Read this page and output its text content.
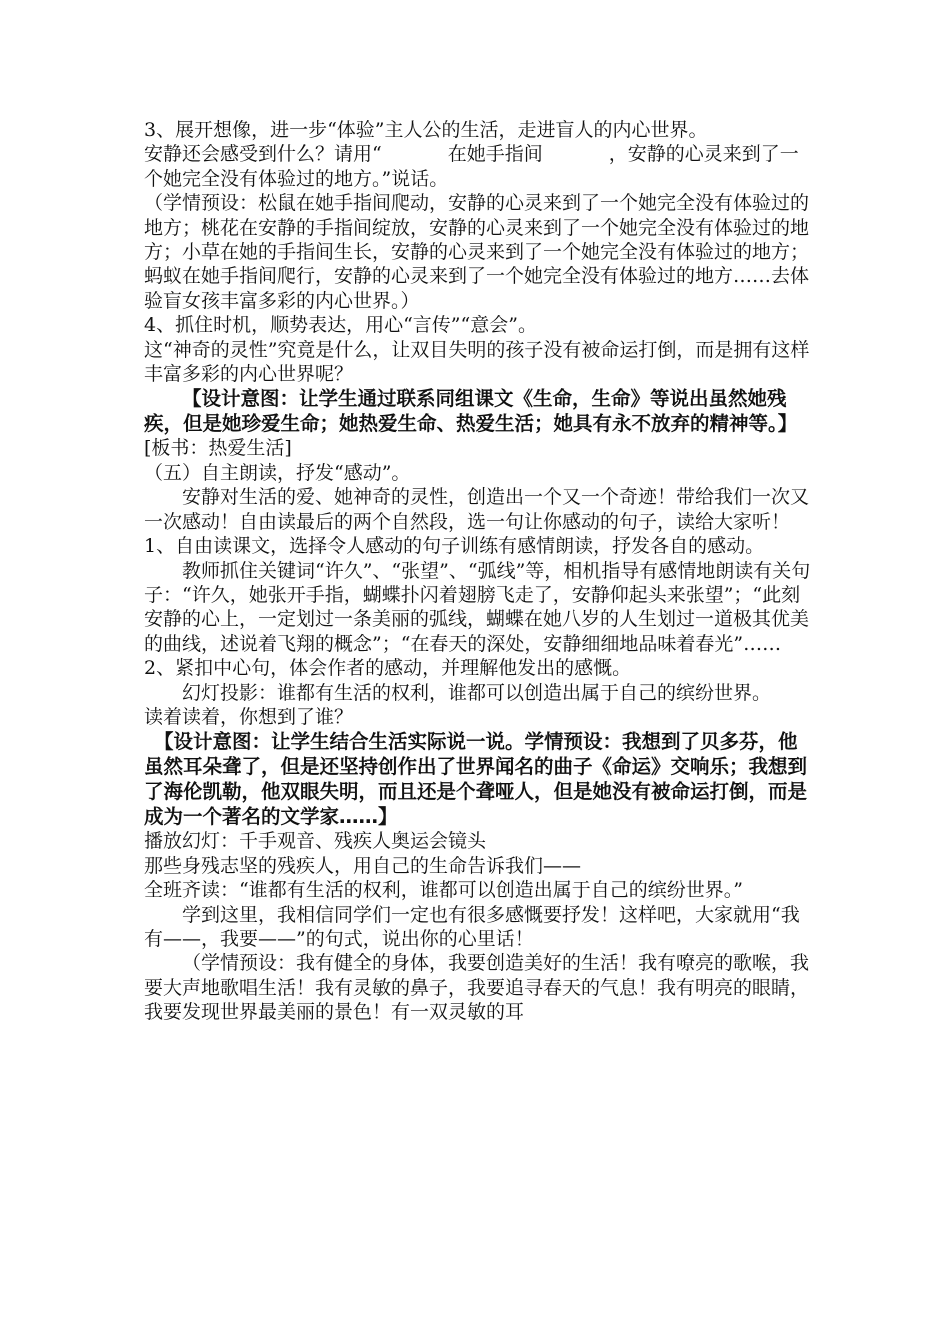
3、展开想像，进一步“体验”主人公的生活，走进盲人的内心世界。

安静还会感受到什么？请用“	在她手指间	，安静的心灵来到了一个她完全没有体验过的地方。”说话。

（学情预设：松鼠在她手指间爬动，安静的心灵来到了一个她完全没有体验过的地方；桃花在安静的手指间绽放，安静的心灵来到了一个她完全没有体验过的地方；小草在她的手指间生长，安静的心灵来到了一个她完全没有体验过的地方；蚂蚁在她手指间爬行，安静的心灵来到了一个她完全没有体验过的地方……去体验盲女孩丰富多彩的内心世界。）

4、抓住时机，顺势表达，用心“言传”“意会”。

这“神奇的灵性”究竟是什么，让双目失明的孩子没有被命运打倒，而是拥有这样丰富多彩的内心世界呢？

【设计意图：让学生通过联系同组课文《生命，生命》等说出虽然她残疾，但是她珍爱生命；她热爱生命、热爱生活；她具有永不放弃的精神等。】

[板书：热爱生活]

（五）自主朗读，抒发“感动”。

安静对生活的爱、她神奇的灵性，创造出一个又一个奇迹！带给我们一次又一次感动！自由读最后的两个自然段，选一句让你感动的句子，读给大家听！

1、自由读课文，选择令人感动的句子训练有感情朗读，抒发各自的感动。

教师抓住关键词“许久”、“张望”、“弧线”等，相机指导有感情地朗读有关句子：“许久，她张开手指，蝴蝶扑闪着翅膀飞走了，安静仰起头来张望”；“此刻安静的心上，一定划过一条美丽的弧线，蝴蝶在她八岁的人生划过一道极其优美的曲线，述说着飞翔的概念”；“在春天的深处，安静细细地品味着春光”……

2、紧扣中心句，体会作者的感动，并理解他发出的感慨。

幻灯投影：谁都有生活的权利，谁都可以创造出属于自己的缤纷世界。

读着读着，你想到了谁？

【设计意图：让学生结合生活实际说一说。学情预设：我想到了贝多芬，他虽然耳朵聋了，但是还坚持创作出了世界闻名的曲子《命运》交响乐；我想到了海伦凯勒，他双眼失明，而且还是个聋哑人，但是她没有被命运打倒，而是成为一个著名的文学家……】

播放幻灯：千手观音、残疾人奥运会镜头

那些身残志坚的残疾人，用自己的生命告诉我们——

全班齐读：“谁都有生活的权利，谁都可以创造出属于自己的缤纷世界。”

学到这里，我相信同学们一定也有很多感慨要抒发！这样吧，大家就用“我有——，我要——”的句式，说出你的心里话！

（学情预设：我有健全的身体，我要创造美好的生活！我有嘹亮的歌喉，我要大声地歌唱生活！我有灵敏的鼻子，我要追寻春天的气息！我有明亮的眼睛，我要发现世界最美丽的景色！有一双灵敏的耳
